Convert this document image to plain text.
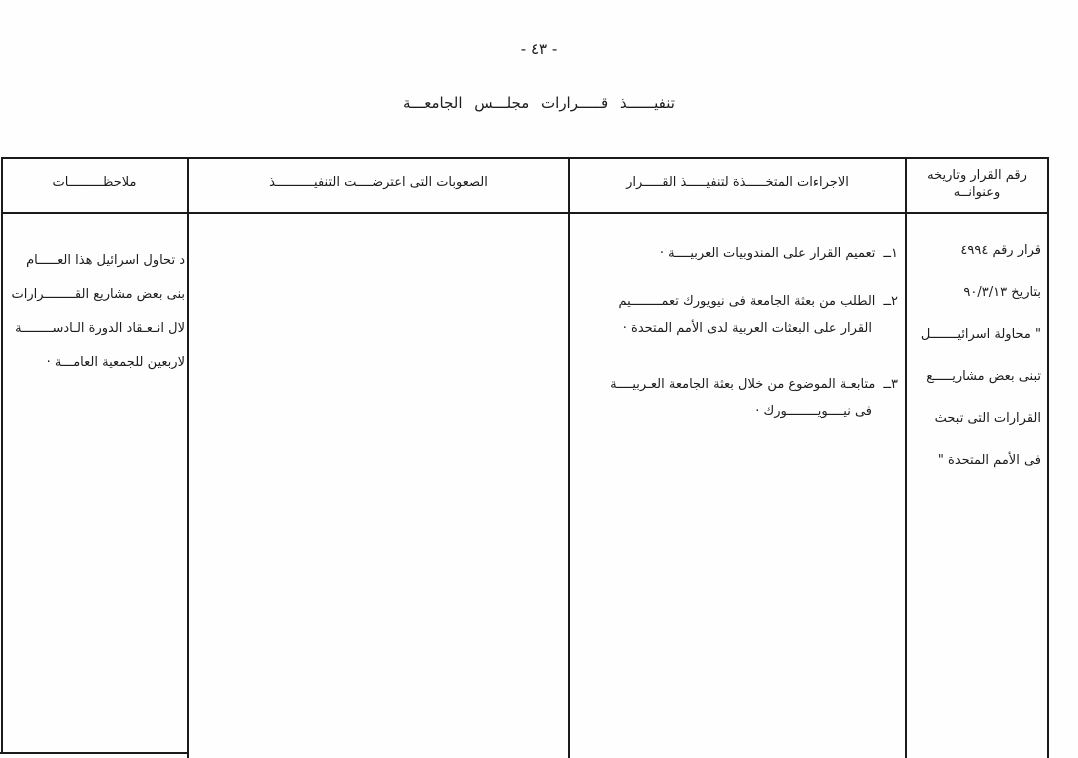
- ٤٣ -
تنفيــــــذ قـــــرارات مجلـــس الجامعـــة
رقم القرار وتاريخه
وعنوانــه
الاجراءات المتخـــــذة لتنفيـــــذ القـــــرار
الصعوبات التى اعترضــــت التنفيــــــــــذ
ملاحظـــــــــات
قرار رقم ٤٩٩٤
بتاريخ ٩٠/٣/١٣
" محاولة اسرائيـــــــل
تبنى بعض مشاريـــــع
القرارات التى تبحث
فى الأمم المتحدة "
١ــتعميم القرار على المندوبيات العربيــــة ·
٢ــالطلب من بعثة الجامعة فى نيويورك تعمــــــــيم
القرار على البعثات العربية لدى الأمم المتحدة ·
٣ــمتابعـة الموضوع من خلال بعثة الجامعة العـربيــــة
فى نيــــويــــــــورك ·
د تحاول اسرائيل هذا العـــــام
بنى بعض مشاريع القــــــــرارات
لال انـعـقاد الدورة الـادســــــــة
لاربعين للجمعية العامـــة ·
